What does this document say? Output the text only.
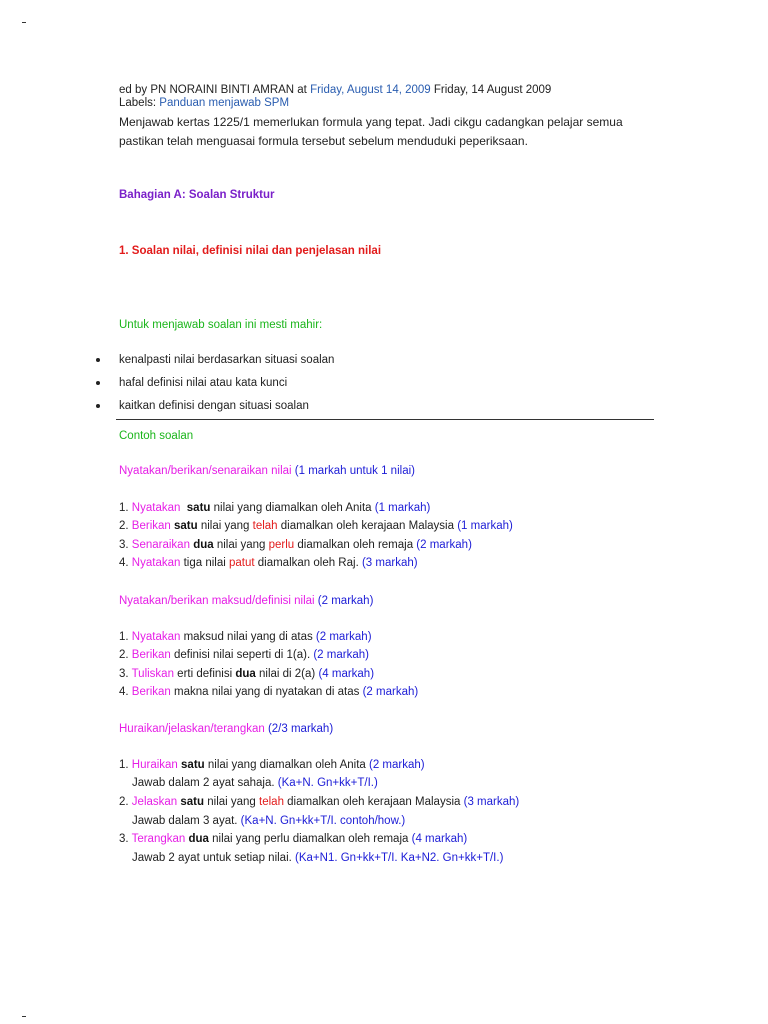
ed by PN NORAINI BINTI AMRAN at Friday, August 14, 2009 Friday, 14 August 2009
Labels: Panduan menjawab SPM
Menjawab kertas 1225/1 memerlukan formula yang tepat. Jadi cikgu cadangkan pelajar semua
pastikan telah menguasai formula tersebut sebelum menduduki peperiksaan.
Bahagian A: Soalan Struktur
1. Soalan nilai, definisi nilai dan penjelasan nilai
Untuk menjawab soalan ini mesti mahir:
kenalpasti nilai berdasarkan situasi soalan
hafal definisi nilai atau kata kunci
kaitkan definisi dengan situasi soalan
Contoh soalan
Nyatakan/berikan/senaraikan nilai (1 markah untuk 1 nilai)
1. Nyatakan satu nilai yang diamalkan oleh Anita (1 markah)
2. Berikan satu nilai yang telah diamalkan oleh kerajaan Malaysia (1 markah)
3. Senaraikan dua nilai yang perlu diamalkan oleh remaja (2 markah)
4. Nyatakan tiga nilai patut diamalkan oleh Raj. (3 markah)
Nyatakan/berikan maksud/definisi nilai (2 markah)
1. Nyatakan maksud nilai yang di atas (2 markah)
2. Berikan definisi nilai seperti di 1(a). (2 markah)
3. Tuliskan erti definisi dua nilai di 2(a) (4 markah)
4. Berikan makna nilai yang di nyatakan di atas (2 markah)
Huraikan/jelaskan/terangkan (2/3 markah)
1. Huraikan satu nilai yang diamalkan oleh Anita (2 markah)
Jawab dalam 2 ayat sahaja. (Ka+N. Gn+kk+T/I.)
2. Jelaskan satu nilai yang telah diamalkan oleh kerajaan Malaysia (3 markah)
Jawab dalam 3 ayat. (Ka+N. Gn+kk+T/I. contoh/how.)
3. Terangkan dua nilai yang perlu diamalkan oleh remaja (4 markah)
Jawab 2 ayat untuk setiap nilai. (Ka+N1. Gn+kk+T/I. Ka+N2. Gn+kk+T/I.)
